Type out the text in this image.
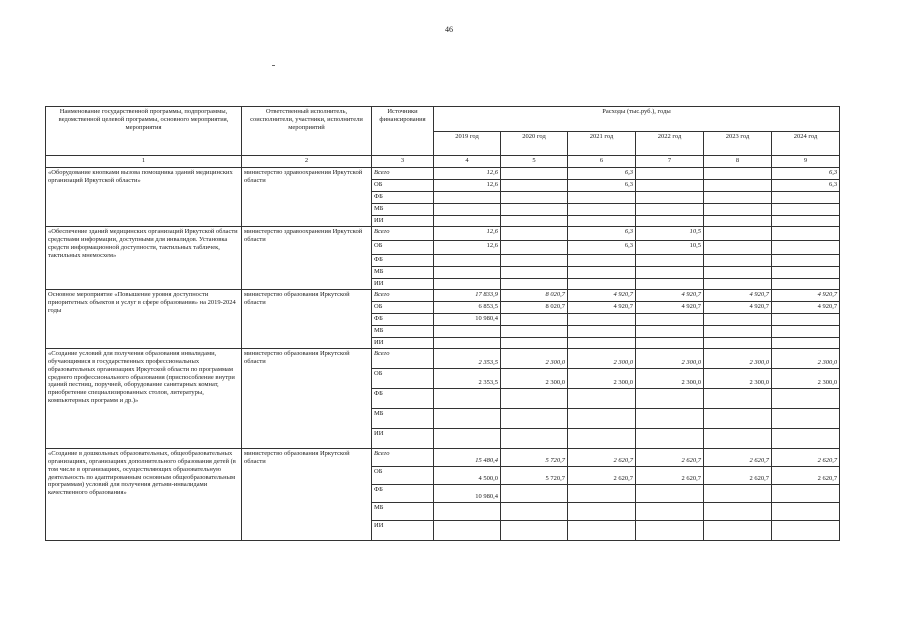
46
Наименование государственной программы, подпрограммы, ведомственной целевой программы, основного мероприятия, мероприятия	Ответственный исполнитель, соисполнители, участники, исполнители мероприятий	Источники финансирования	Расходы (тыс.руб.), годы					
			2019 год	2020 год	2021 год	2022 год	2023 год	2024 год
1	2	3	4	5	6	7	8	9
«Оборудование кнопками вызова помощника зданий медицинских организаций Иркутской области»	министерство здравоохранения Иркутской области	Всего	12,6		6,3			6,3
		ОБ	12,6		6,3			6,3
		ФБ						
		МБ						
		ИИ						
«Обеспечение зданий медицинских организаций Иркутской области средствами информации, доступными для инвалидов. Установка средств информационной доступности, тактильных табличек, тактильных мнемосхем»	министерство здравоохранения Иркутской области	Всего	12,6		6,3	10,5		
		ОБ	12,6		6,3	10,5		
		ФБ						
		МБ						
		ИИ						
Основное мероприятие «Повышение уровня доступности приоритетных объектов и услуг в сфере образования» на 2019-2024 годы	министерство образования Иркутской области	Всего	17 833,9	8 020,7	4 920,7	4 920,7	4 920,7	4 920,7
		ОБ	6 853,5	8 020,7	4 920,7	4 920,7	4 920,7	4 920,7
		ФБ	10 980,4					
		МБ						
		ИИ						
«Создание условий для получения образования инвалидами, обучающимися в государственных профессиональных образовательных организациях Иркутской области по программам среднего профессионального образования (приспособление внутри зданий пестниц, поручней, оборудование санитарных комнат, приобретение специализированных столов, литературы, компьютерных программ и др.)»	министерство образования Иркутской области	Всего	2 353,5	2 300,0	2 300,0	2 300,0	2 300,0	2 300,0
		ОБ	2 353,5	2 300,0	2 300,0	2 300,0	2 300,0	2 300,0
		ФБ						
		МБ						
		ИИ						
«Создание в дошкольных образовательных, общеобразовательных организациях, организациях дополнительного образования детей (в том числе в организациях, осуществляющих образовательную деятельность по адаптированным основным общеобразовательным программам) условий для получения детьми-инвалидами качественного образования»	министерство образования Иркутской области	Всего	15 480,4	5 720,7	2 620,7	2 620,7	2 620,7	2 620,7
		ОБ	4 500,0	5 720,7	2 620,7	2 620,7	2 620,7	2 620,7
		ФБ	10 980,4					
		МБ						
		ИИ						
